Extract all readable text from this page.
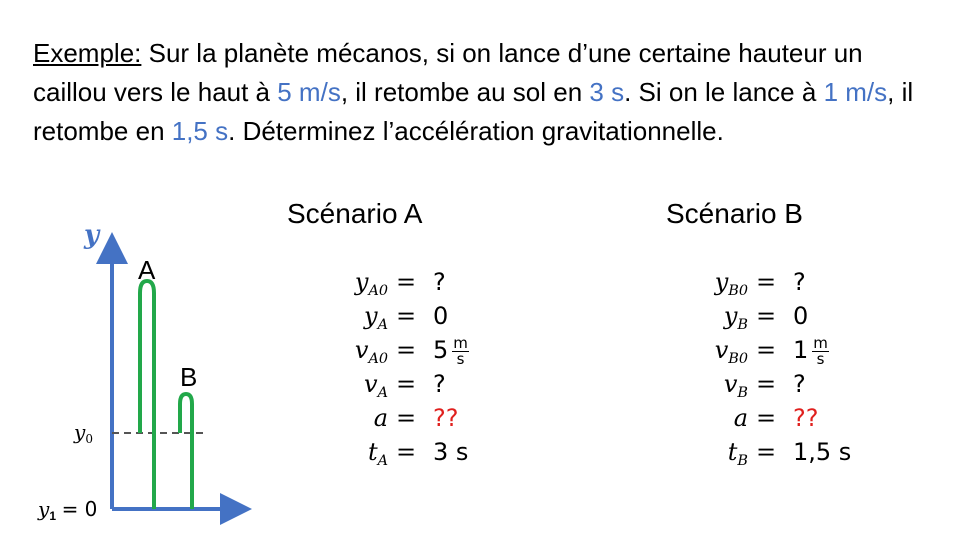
Exemple: Sur la planète mécanos, si on lance d’une certaine hauteur un caillou vers le haut à 5 m/s, il retombe au sol en 3 s. Si on le lance à 1 m/s, il retombe en 1,5 s. Déterminez l’accélération gravitationnelle.
Scénario A	Scénario B
y
A
B
$y_0$
$y_1 = 0$
$y_{A0}$ = ?
$y_A = 0$
$v_{A0} = 5 \frac{m}{s}$
$v_A$ = ?
a = ??
$t_A = 3$ s
$y_{B0}$ = ?
$y_B = 0$
$v_{B0} = 1 \frac{m}{s}$
$v_B$ = ?
a = ??
$t_B = 1,5$ s
